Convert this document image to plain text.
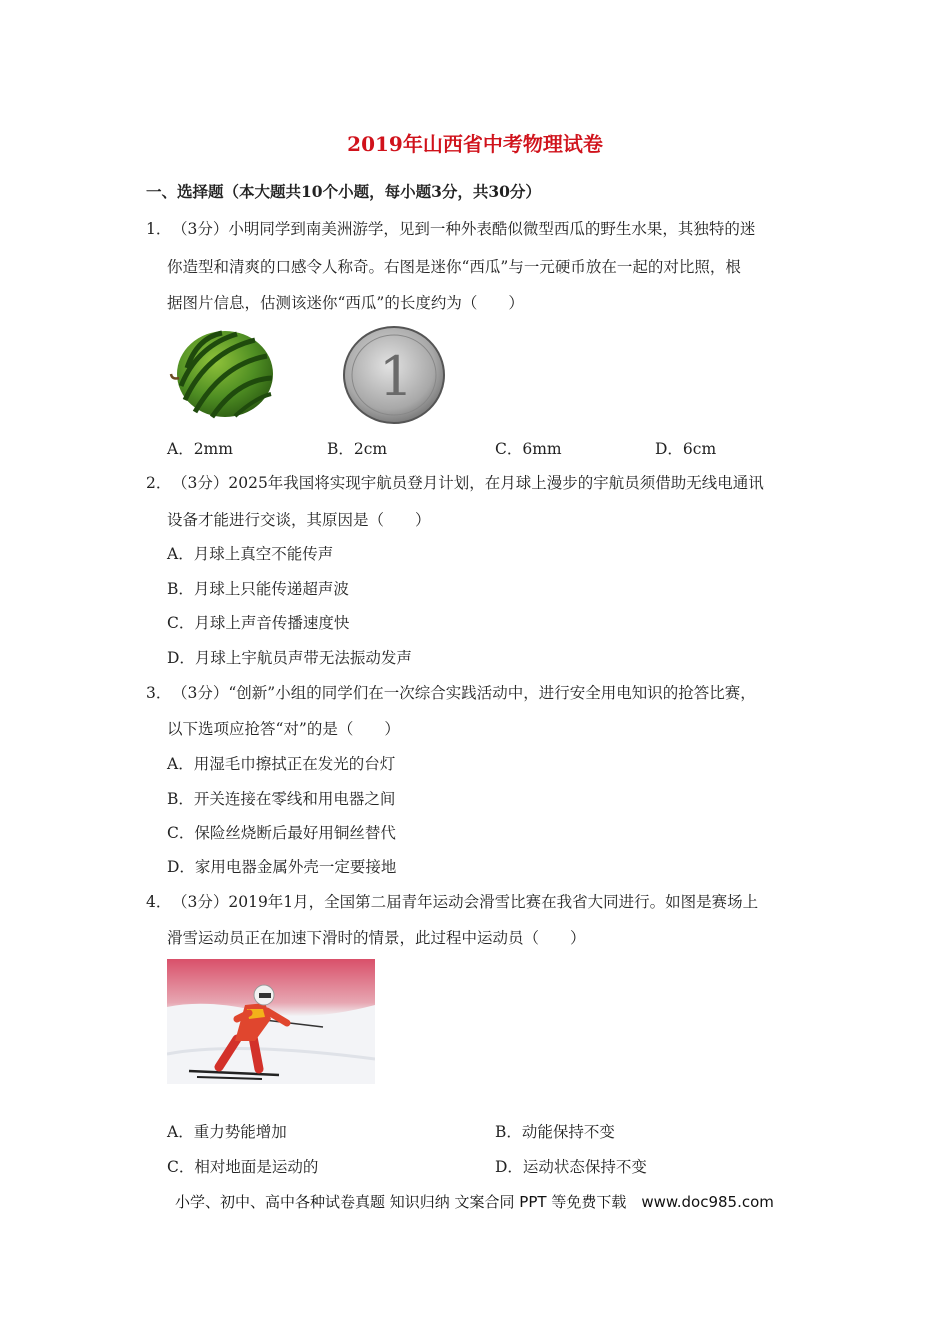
2019年山西省中考物理试卷
一、选择题（本大题共10个小题，每小题3分，共30分）
1． （3分）小明同学到南美洲游学，见到一种外表酷似微型西瓜的野生水果，其独特的迷
你造型和清爽的口感令人称奇。右图是迷你“西瓜”与一元硬币放在一起的对比照，根
据图片信息，估测该迷你“西瓜”的长度约为（　　）
1
A．2mm	B．2cm	C．6mm	D．6cm
2． （3分）2025年我国将实现宇航员登月计划，在月球上漫步的宇航员须借助无线电通讯
设备才能进行交谈，其原因是（　　）
A．月球上真空不能传声
B．月球上只能传递超声波
C．月球上声音传播速度快
D．月球上宇航员声带无法振动发声
3． （3分）“创新”小组的同学们在一次综合实践活动中，进行安全用电知识的抢答比赛，
以下选项应抢答“对”的是（　　）
A．用湿毛巾擦拭正在发光的台灯
B．开关连接在零线和用电器之间
C．保险丝烧断后最好用铜丝替代
D．家用电器金属外壳一定要接地
4． （3分）2019年1月，全国第二届青年运动会滑雪比赛在我省大同进行。如图是赛场上
滑雪运动员正在加速下滑时的情景，此过程中运动员（　　）
A．重力势能增加	B．动能保持不变
C．相对地面是运动的	D．运动状态保持不变
小学、初中、高中各种试卷真题 知识归纳 文案合同 PPT 等免费下载　www.doc985.com
